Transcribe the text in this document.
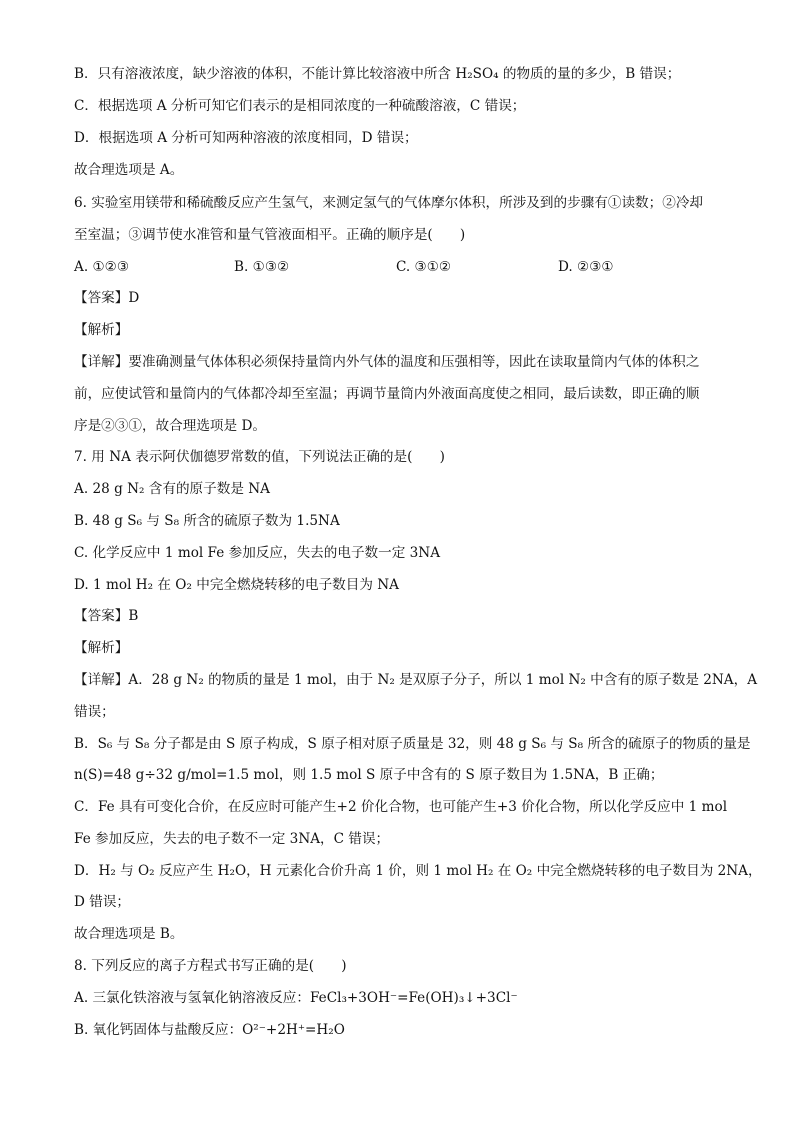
B．只有溶液浓度，缺少溶液的体积，不能计算比较溶液中所含 H₂SO₄ 的物质的量的多少，B 错误；
C．根据选项 A 分析可知它们表示的是相同浓度的一种硫酸溶液，C 错误；
D．根据选项 A 分析可知两种溶液的浓度相同，D 错误；
故合理选项是 A。
6. 实验室用镁带和稀硫酸反应产生氢气，来测定氢气的气体摩尔体积，所涉及到的步骤有①读数；②冷却
至室温；③调节使水准管和量气管液面相平。正确的顺序是(　　)
A. ①②③	B. ①③②	C. ③①②	D. ②③①
【答案】D
【解析】
【详解】要准确测量气体体积必须保持量筒内外气体的温度和压强相等，因此在读取量筒内气体的体积之
前，应使试管和量筒内的气体都冷却至室温；再调节量筒内外液面高度使之相同，最后读数，即正确的顺
序是②③①，故合理选项是 D。
7. 用 NA 表示阿伏伽德罗常数的值，下列说法正确的是(　　)
A. 28 g N₂ 含有的原子数是 NA
B. 48 g S₆ 与 S₈ 所含的硫原子数为 1.5NA
C. 化学反应中 1 mol Fe 参加反应，失去的电子数一定 3NA
D. 1 mol H₂ 在 O₂ 中完全燃烧转移的电子数目为 NA
【答案】B
【解析】
【详解】A．28 g N₂ 的物质的量是 1 mol，由于 N₂ 是双原子分子，所以 1 mol N₂ 中含有的原子数是 2NA，A
错误；
B．S₆ 与 S₈ 分子都是由 S 原子构成，S 原子相对原子质量是 32，则 48 g S₆ 与 S₈ 所含的硫原子的物质的量是
n(S)=48 g÷32 g/mol=1.5 mol，则 1.5 mol S 原子中含有的 S 原子数目为 1.5NA，B 正确；
C．Fe 具有可变化合价，在反应时可能产生+2 价化合物，也可能产生+3 价化合物，所以化学反应中 1 mol
Fe 参加反应，失去的电子数不一定 3NA，C 错误；
D．H₂ 与 O₂ 反应产生 H₂O，H 元素化合价升高 1 价，则 1 mol H₂ 在 O₂ 中完全燃烧转移的电子数目为 2NA，
D 错误；
故合理选项是 B。
8. 下列反应的离子方程式书写正确的是(　　)
A. 三氯化铁溶液与氢氧化钠溶液反应：FeCl₃+3OH⁻=Fe(OH)₃↓+3Cl⁻
B. 氧化钙固体与盐酸反应：O²⁻+2H⁺=H₂O
